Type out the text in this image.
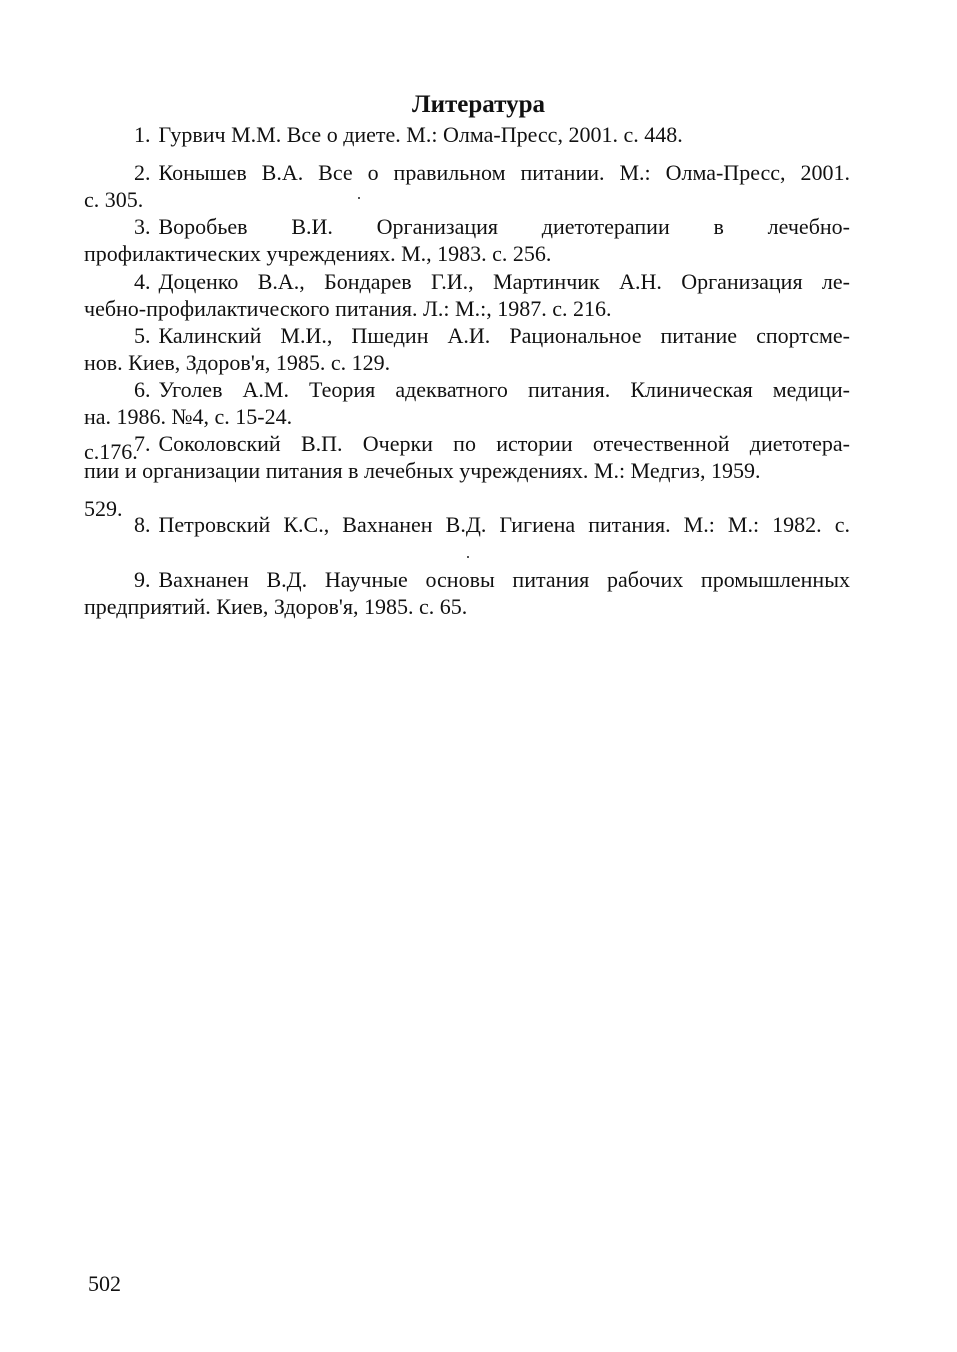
Литература
1. Гурвич М.М. Все о диете. М.: Олма-Пресс, 2001. с. 448.
2. Конышев В.А. Все о правильном питании. М.: Олма-Пресс, 2001.
с. 305.
3. Воробьев В.И. Организация диетотерапии в лечебно-
профилактических учреждениях. М., 1983. с. 256.
4. Доценко В.А., Бондарев Г.И., Мартинчик А.Н. Организация ле-
чебно-профилактического питания. Л.: М.:, 1987. с. 216.
5. Калинский М.И., Пшедин А.И. Рациональное питание спортсме-
нов. Киев, Здоров'я, 1985. с. 129.
6. Уголев А.М. Теория адекватного питания. Клиническая медици-
на. 1986. №4, с. 15-24.
с.176.
7. Соколовский В.П. Очерки по истории отечественной диетотера-
пии и организации питания в лечебных учреждениях. М.: Медгиз, 1959.
529.
8. Петровский К.С., Вахнанен В.Д. Гигиена питания. М.: М.: 1982. с.
9. Вахнанен В.Д. Научные основы питания рабочих промышленных
предприятий. Киев, Здоров'я, 1985. с. 65.
502
